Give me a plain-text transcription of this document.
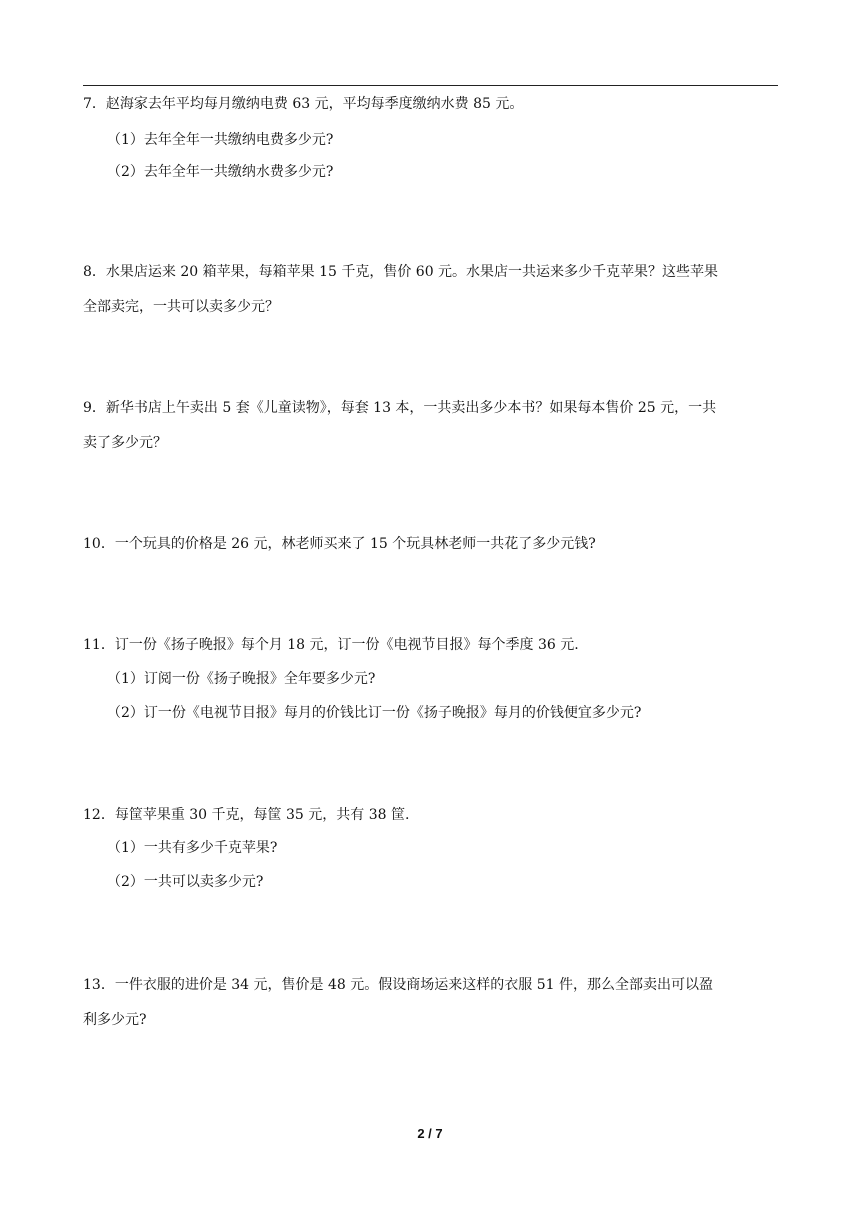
7．赵海家去年平均每月缴纳电费 63 元，平均每季度缴纳水费 85 元。
（1）去年全年一共缴纳电费多少元?
（2）去年全年一共缴纳水费多少元?
8．水果店运来 20 箱苹果，每箱苹果 15 千克，售价 60 元。水果店一共运来多少千克苹果？这些苹果
全部卖完，一共可以卖多少元？
9．新华书店上午卖出 5 套《儿童读物》，每套 13 本，一共卖出多少本书？如果每本售价 25 元，一共
卖了多少元？
10．一个玩具的价格是 26 元，林老师买来了 15 个玩具林老师一共花了多少元钱?
11．订一份《扬子晚报》每个月 18 元，订一份《电视节目报》每个季度 36 元.
（1）订阅一份《扬子晚报》全年要多少元?
（2）订一份《电视节目报》每月的价钱比订一份《扬子晚报》每月的价钱便宜多少元?
12．每筐苹果重 30 千克，每筐 35 元，共有 38 筐.
（1）一共有多少千克苹果?
（2）一共可以卖多少元?
13．一件衣服的进价是 34 元，售价是 48 元。假设商场运来这样的衣服 51 件，那么全部卖出可以盈
利多少元?
2 / 7
